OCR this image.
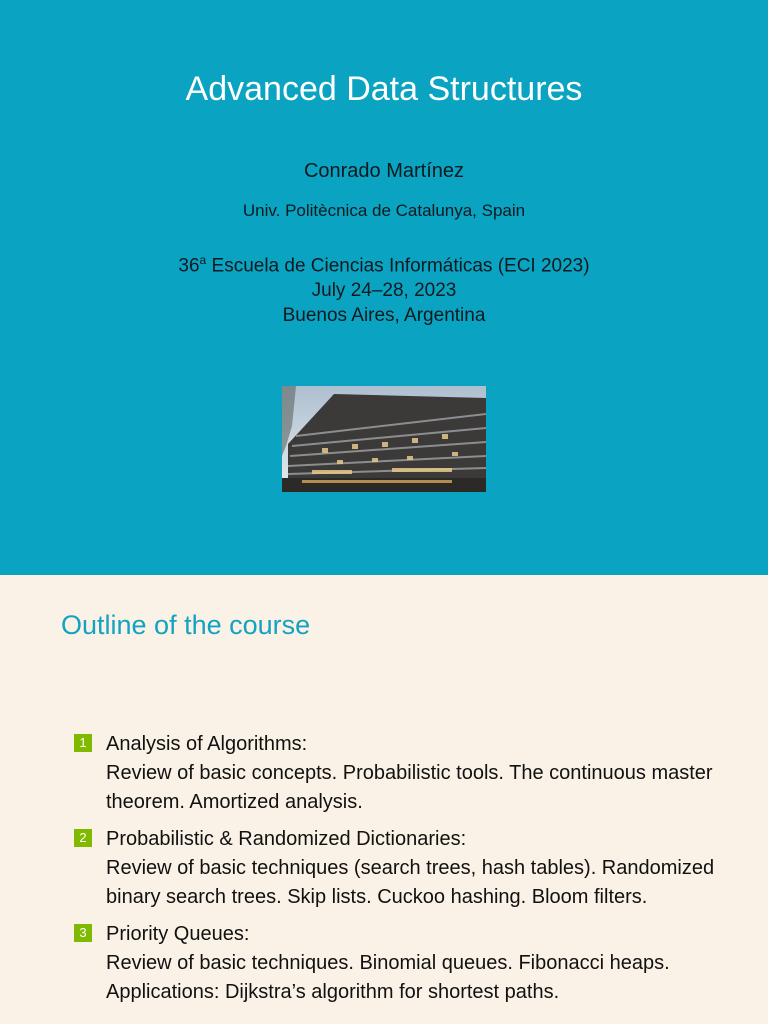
Advanced Data Structures
Conrado Martínez
Univ. Politècnica de Catalunya, Spain
36$^a$ Escuela de Ciencias Informáticas (ECI 2023)
July 24–28, 2023
Buenos Aires, Argentina
Outline of the course
1 Analysis of Algorithms:
Review of basic concepts. Probabilistic tools. The continuous master theorem. Amortized analysis.
2 Probabilistic & Randomized Dictionaries:
Review of basic techniques (search trees, hash tables). Randomized binary search trees. Skip lists. Cuckoo hashing. Bloom filters.
3 Priority Queues:
Review of basic techniques. Binomial queues. Fibonacci heaps. Applications: Dijkstra’s algorithm for shortest paths.
